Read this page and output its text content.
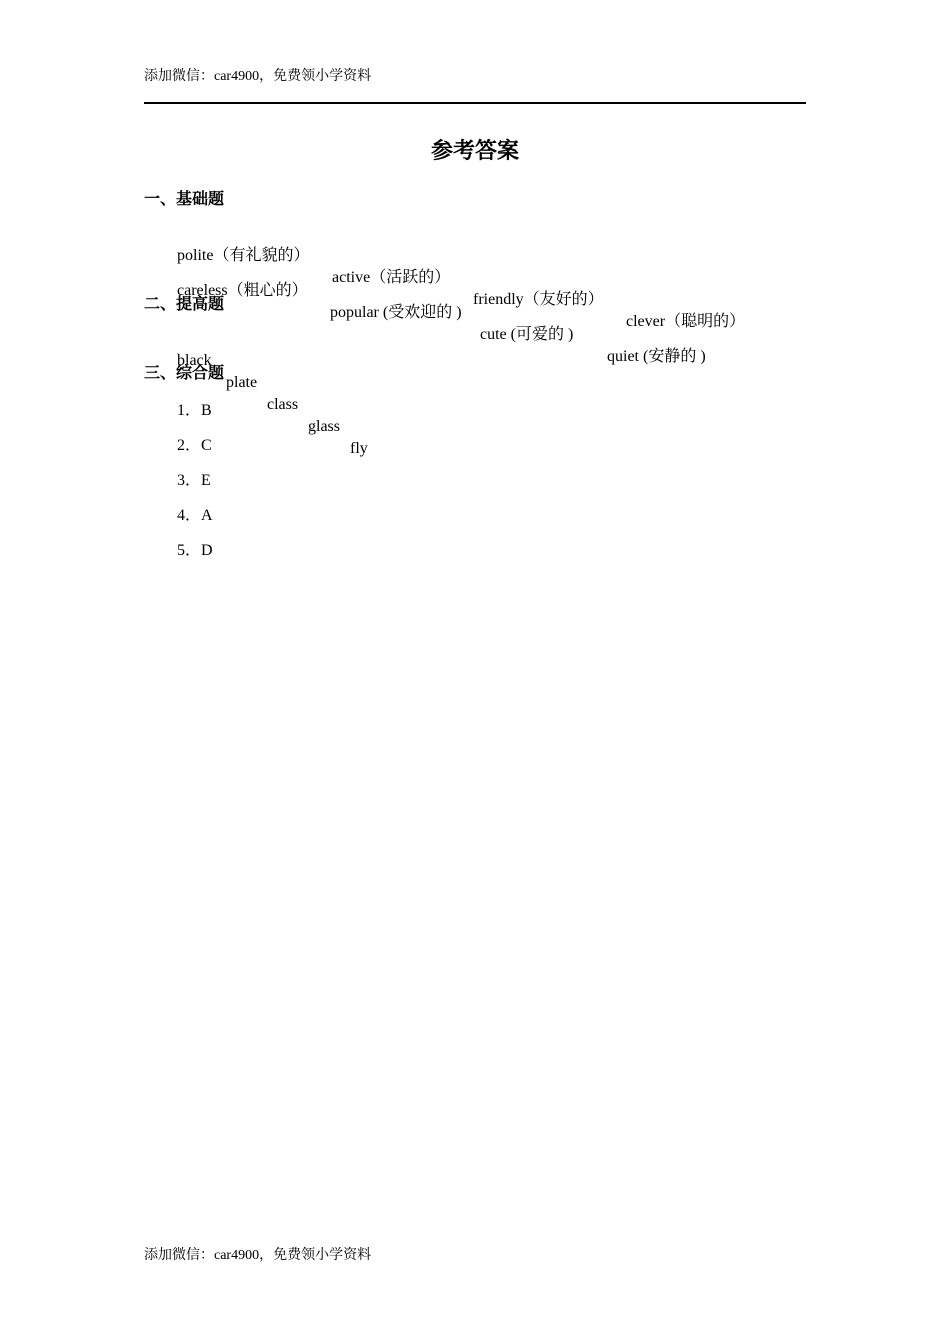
添加微信：car4900，免费领小学资料
参考答案
一、基础题

polite（有礼貌的）

active（活跃的）

friendly（友好的）

clever（聪明的）

careless（粗心的）

popular (受欢迎的 )

cute (可爱的 )

quiet (安静的 )

二、提高题

black

plate

class

glass

fly

三、综合题
1．B
2．C
3．E
4．A
5．D
添加微信：car4900，免费领小学资料
